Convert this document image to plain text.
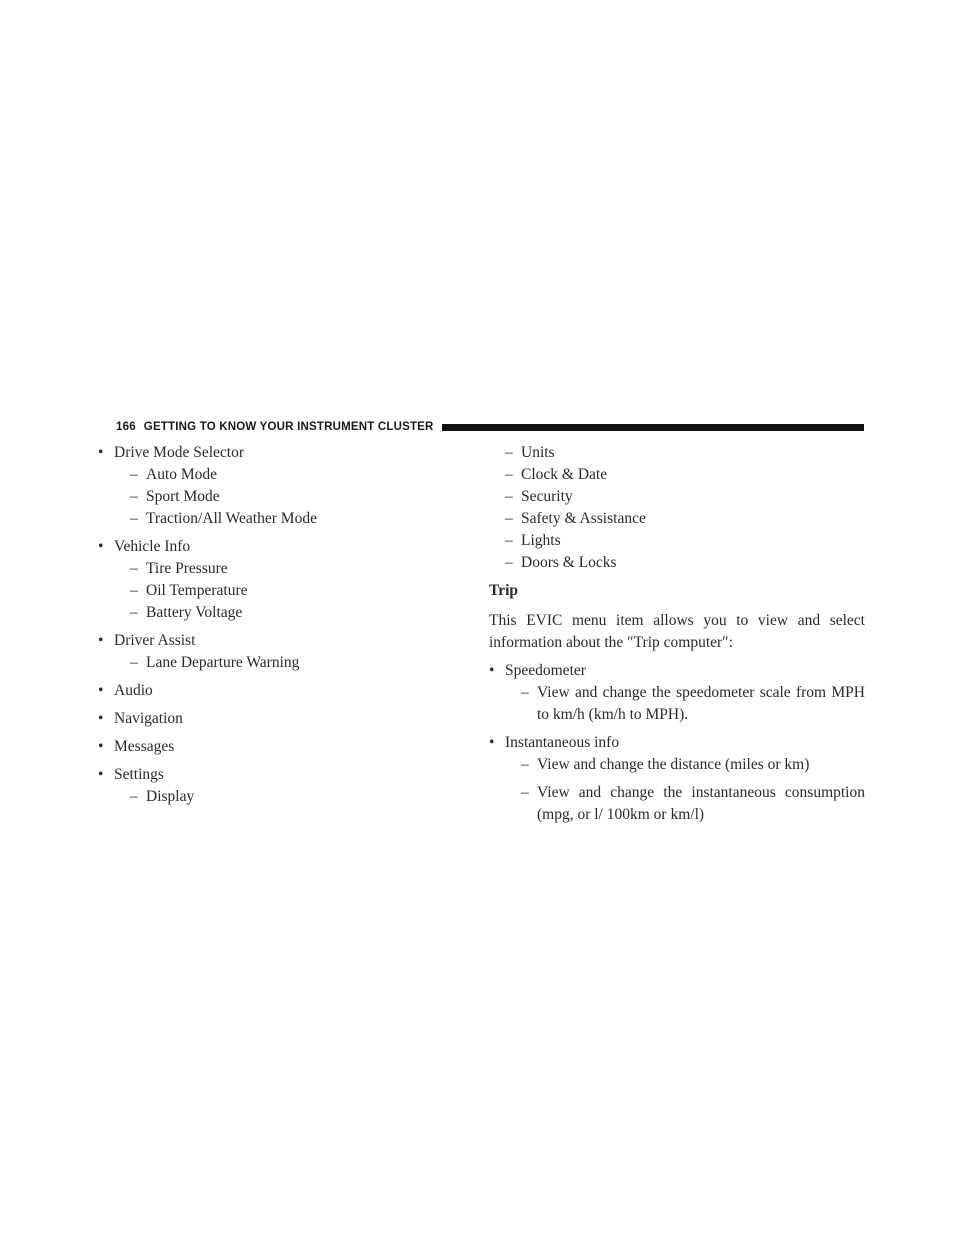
166 GETTING TO KNOW YOUR INSTRUMENT CLUSTER
• Drive Mode Selector
– Auto Mode
– Sport Mode
– Traction/All Weather Mode
• Vehicle Info
– Tire Pressure
– Oil Temperature
– Battery Voltage
• Driver Assist
– Lane Departure Warning
• Audio
• Navigation
• Messages
• Settings
– Display
– Units
– Clock & Date
– Security
– Safety & Assistance
– Lights
– Doors & Locks
Trip
This EVIC menu item allows you to view and select information about the ″Trip computer″:
• Speedometer
– View and change the speedometer scale from MPH to km/h (km/h to MPH).
• Instantaneous info
– View and change the distance (miles or km)
– View and change the instantaneous consumption (mpg, or l/ 100km or km/l)
